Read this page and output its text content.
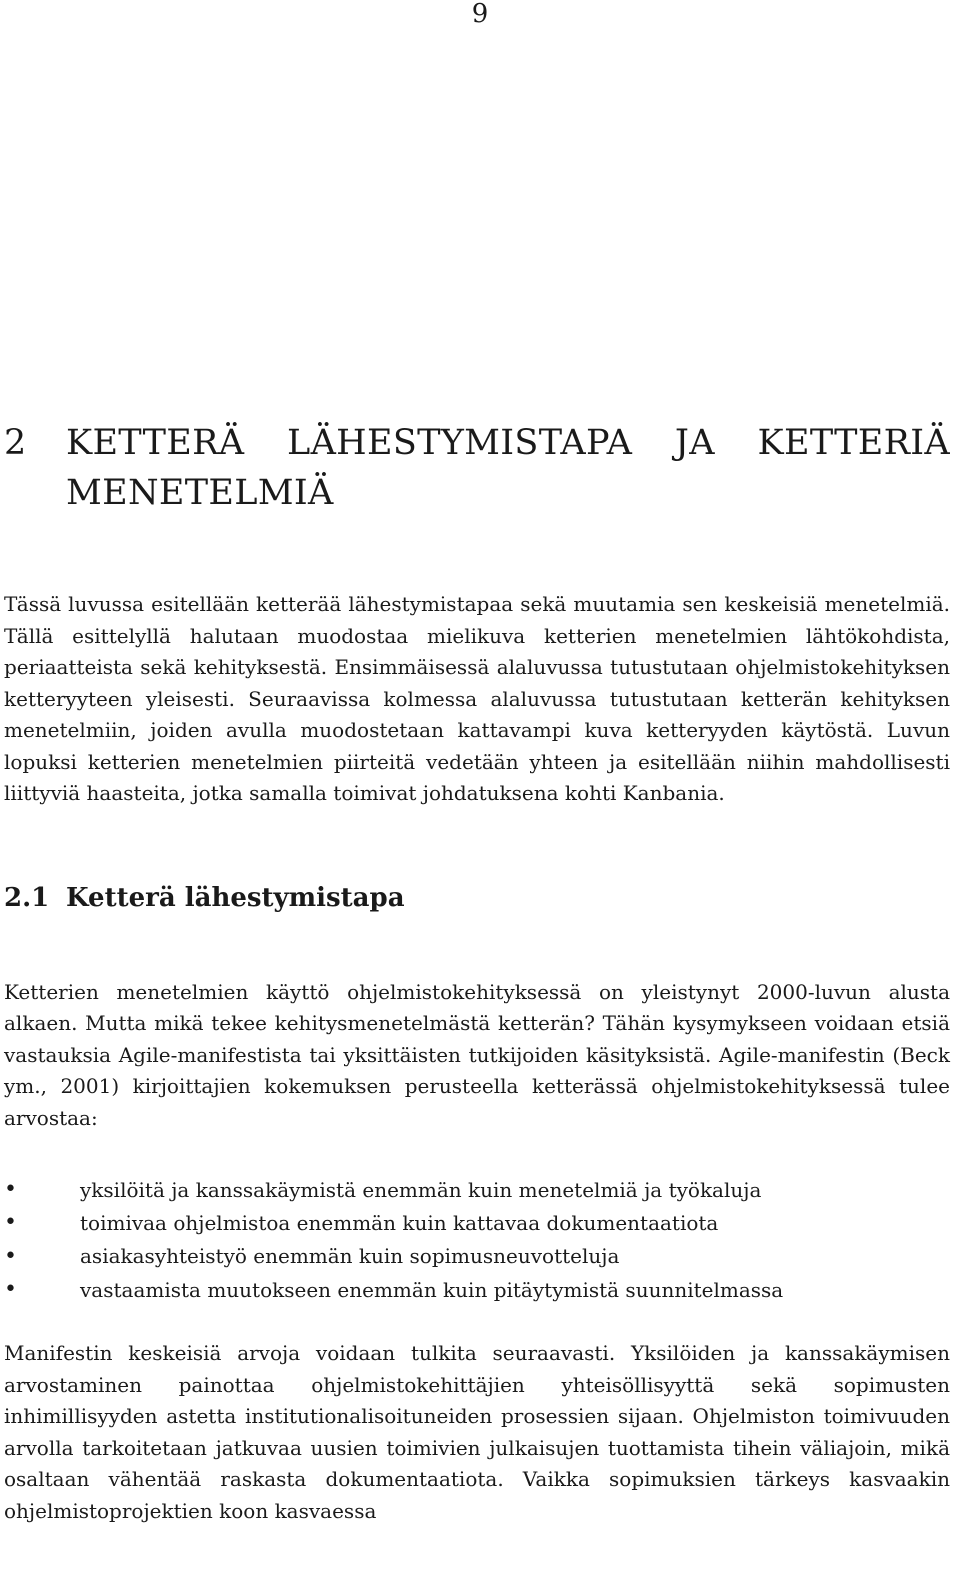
9
2	KETTERÄ LÄHESTYMISTAPA JA KETTERIÄ MENETELMIÄ

Tässä luvussa esitellään ketterää lähestymistapaa sekä muutamia sen keskeisiä menetelmiä. Tällä esittelyllä halutaan muodostaa mielikuva ketterien menetelmien lähtökohdista, periaatteista sekä kehityksestä. Ensimmäisessä alaluvussa tutustutaan ohjelmistokehityksen ketteryyteen yleisesti. Seuraavissa kolmessa alaluvussa tutustutaan ketterän kehityksen menetelmiin, joiden avulla muodostetaan kattavampi kuva ketteryyden käytöstä. Luvun lopuksi ketterien menetelmien piirteitä vedetään yhteen ja esitellään niihin mahdollisesti liittyviä haasteita, jotka samalla toimivat johdatuksena kohti Kanbania.

2.1 Ketterä lähestymistapa

Ketterien menetelmien käyttö ohjelmistokehityksessä on yleistynyt 2000-luvun alusta alkaen. Mutta mikä tekee kehitysmenetelmästä ketterän? Tähän kysymykseen voidaan etsiä vastauksia Agile-manifestista tai yksittäisten tutkijoiden käsityksistä. Agile-manifestin (Beck ym., 2001) kirjoittajien kokemuksen perusteella ketterässä ohjelmistokehityksessä tulee arvostaa:

•	yksilöitä ja kanssakäymistä enemmän kuin menetelmiä ja työkaluja
•	toimivaa ohjelmistoa enemmän kuin kattavaa dokumentaatiota
•	asiakasyhteistyö enemmän kuin sopimusneuvotteluja
•	vastaamista muutokseen enemmän kuin pitäytymistä suunnitelmassa

Manifestin keskeisiä arvoja voidaan tulkita seuraavasti. Yksilöiden ja kanssakäymisen arvostaminen painottaa ohjelmistokehittäjien yhteisöllisyyttä sekä sopimusten inhimillisyyden astetta institutionalisoituneiden prosessien sijaan. Ohjelmiston toimivuuden arvolla tarkoitetaan jatkuvaa uusien toimivien julkaisujen tuottamista tihein väliajoin, mikä osaltaan vähentää raskasta dokumentaatiota. Vaikka sopimuksien tärkeys kasvaakin ohjelmistoprojektien koon kasvaessa
